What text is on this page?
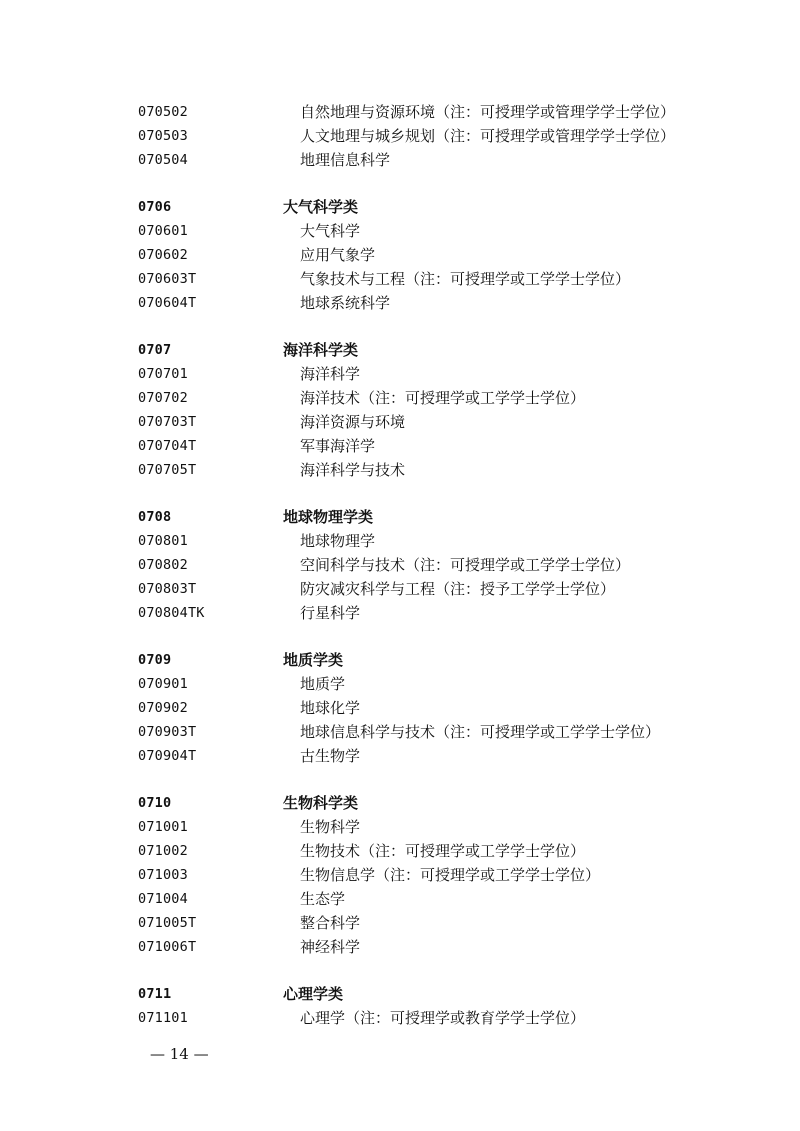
070502	自然地理与资源环境（注：可授理学或管理学学士学位）
070503	人文地理与城乡规划（注：可授理学或管理学学士学位）
070504	地理信息科学
0706	大气科学类
070601	大气科学
070602	应用气象学
070603T	气象技术与工程（注：可授理学或工学学士学位）
070604T	地球系统科学
0707	海洋科学类
070701	海洋科学
070702	海洋技术（注：可授理学或工学学士学位）
070703T	海洋资源与环境
070704T	军事海洋学
070705T	海洋科学与技术
0708	地球物理学类
070801	地球物理学
070802	空间科学与技术（注：可授理学或工学学士学位）
070803T	防灾减灾科学与工程（注：授予工学学士学位）
070804TK	行星科学
0709	地质学类
070901	地质学
070902	地球化学
070903T	地球信息科学与技术（注：可授理学或工学学士学位）
070904T	古生物学
0710	生物科学类
071001	生物科学
071002	生物技术（注：可授理学或工学学士学位）
071003	生物信息学（注：可授理学或工学学士学位）
071004	生态学
071005T	整合科学
071006T	神经科学
0711	心理学类
071101	心理学（注：可授理学或教育学学士学位）
— 14 —
